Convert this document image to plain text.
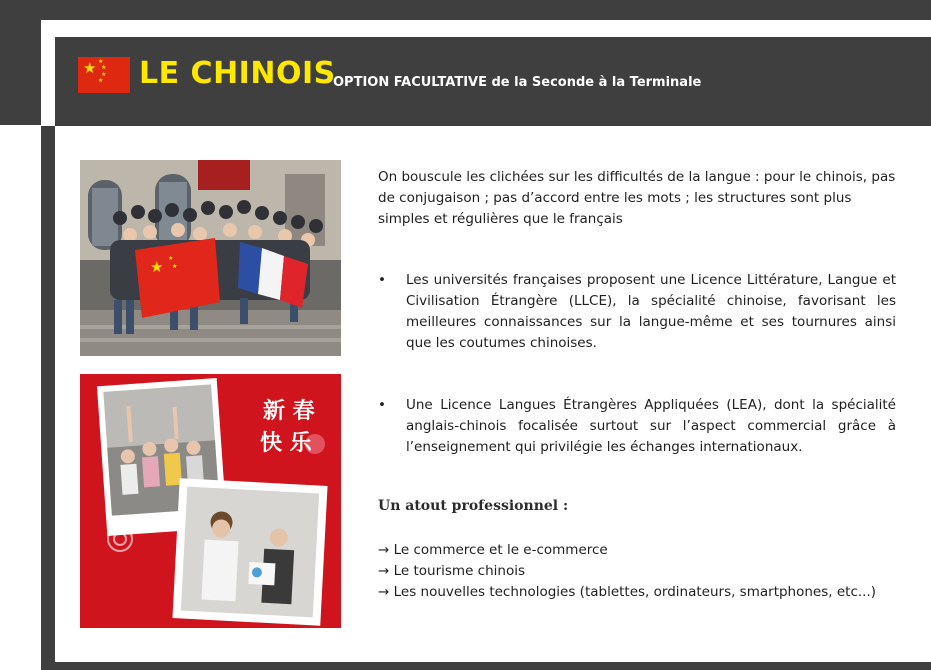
★ ★
★
★
★ LE CHINOIS
OPTION FACULTATIVE de la Seconde à la Terminale
★ ★
★
新 春
快 乐
On bouscule les clichées sur les difficultés de la langue : pour le chinois, pas de conjugaison ; pas d’accord entre les mots ; les structures sont plus simples et régulières que le français
• Les universités françaises proposent une Licence Littérature, Langue et Civilisation Étrangère (LLCE), la spécialité chinoise, favorisant les meilleures connaissances sur la langue-même et ses tournures ainsi que les coutumes chinoises.
• Une Licence Langues Étrangères Appliquées (LEA), dont la spécialité anglais-chinois focalisée surtout sur l’aspect commercial grâce à l’enseignement qui privilégie les échanges internationaux.
Un atout professionnel :
→ Le commerce et le e-commerce
→ Le tourisme chinois
→ Les nouvelles technologies (tablettes, ordinateurs, smartphones, etc...)
